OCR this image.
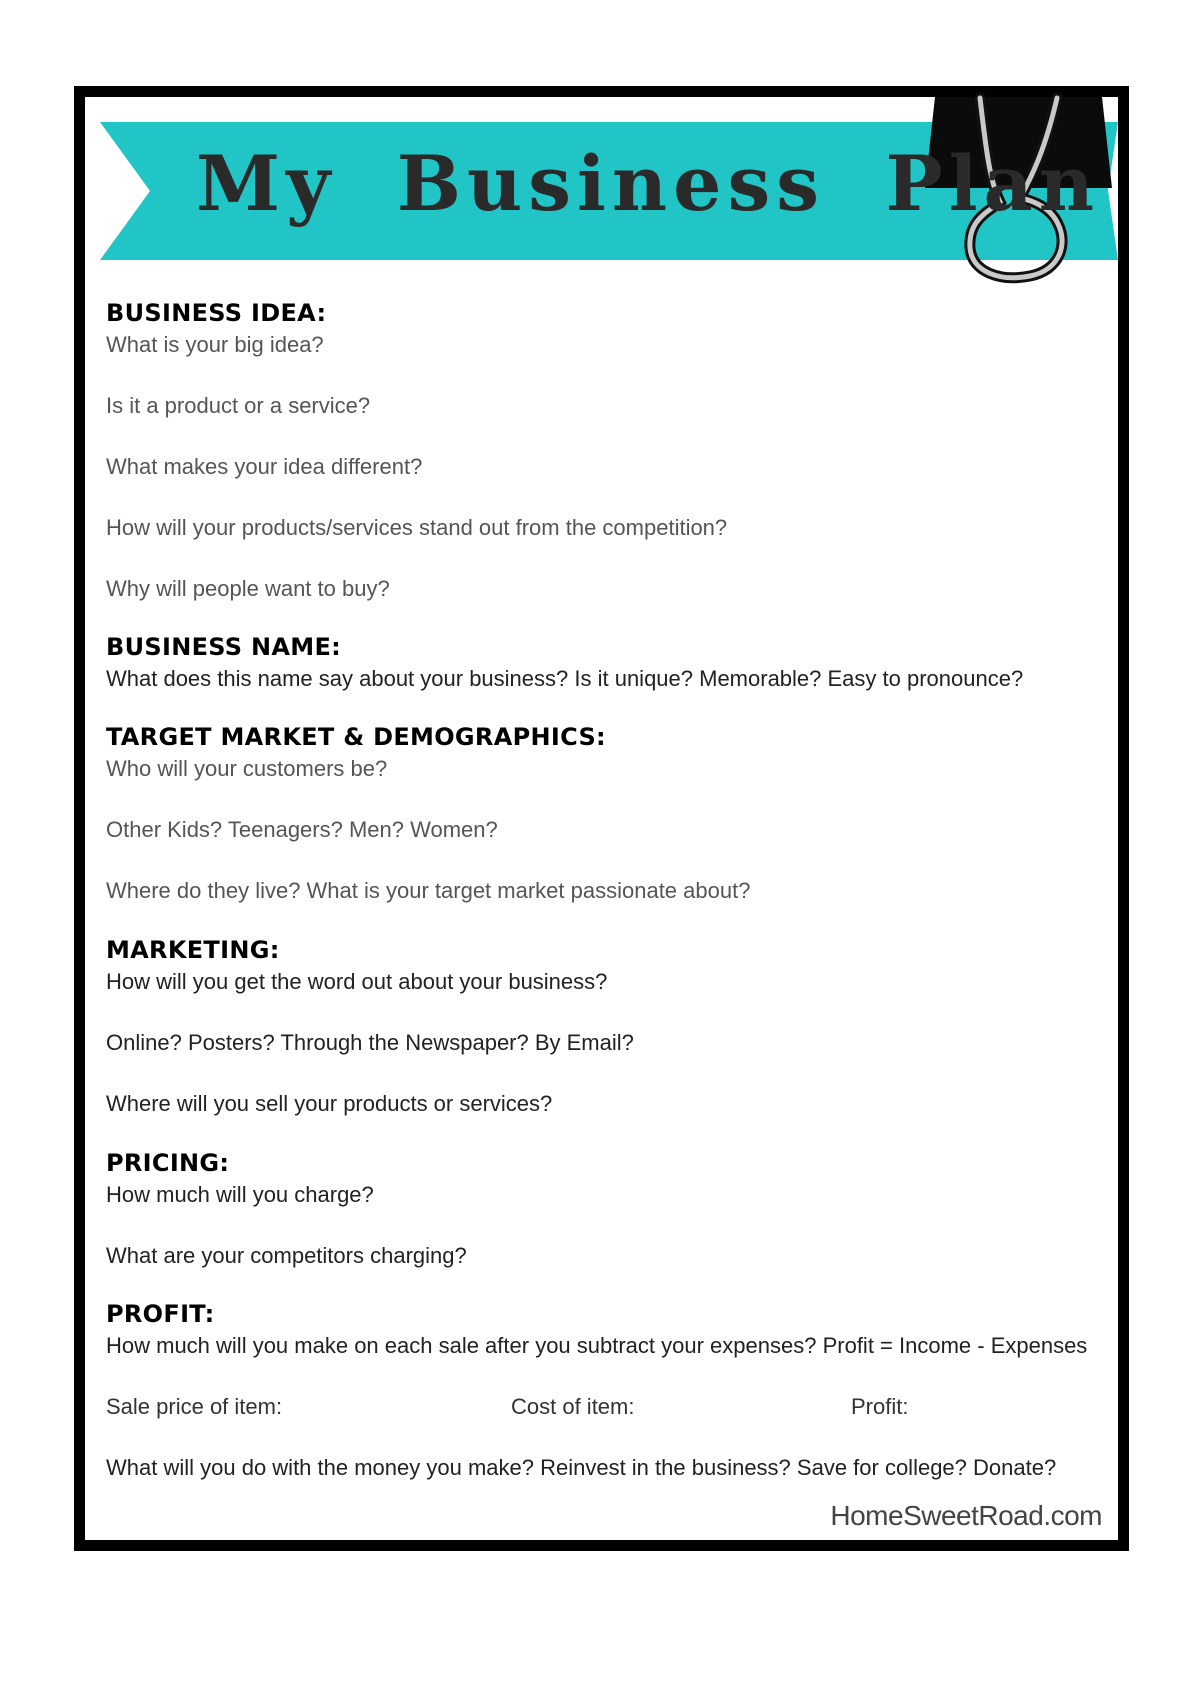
My Business Plan

BUSINESS IDEA:

What is your big idea?

Is it a product or a service?

What makes your idea different?

How will your products/services stand out from the competition?

Why will people want to buy?

BUSINESS NAME:

What does this name say about your business? Is it unique? Memorable? Easy to pronounce?

TARGET MARKET & DEMOGRAPHICS:

Who will your customers be?

Other Kids? Teenagers? Men? Women?

Where do they live? What is your target market passionate about?

MARKETING:

How will you get the word out about your business?

Online? Posters? Through the Newspaper? By Email?

Where will you sell your products or services?

PRICING:

How much will you charge?

What are your competitors charging?

PROFIT:

How much will you make on each sale after you subtract your expenses? Profit = Income - Expenses

Sale price of item:	Cost of item:	Profit:

What will you do with the money you make? Reinvest in the business? Save for college? Donate?

HomeSweetRoad.com
